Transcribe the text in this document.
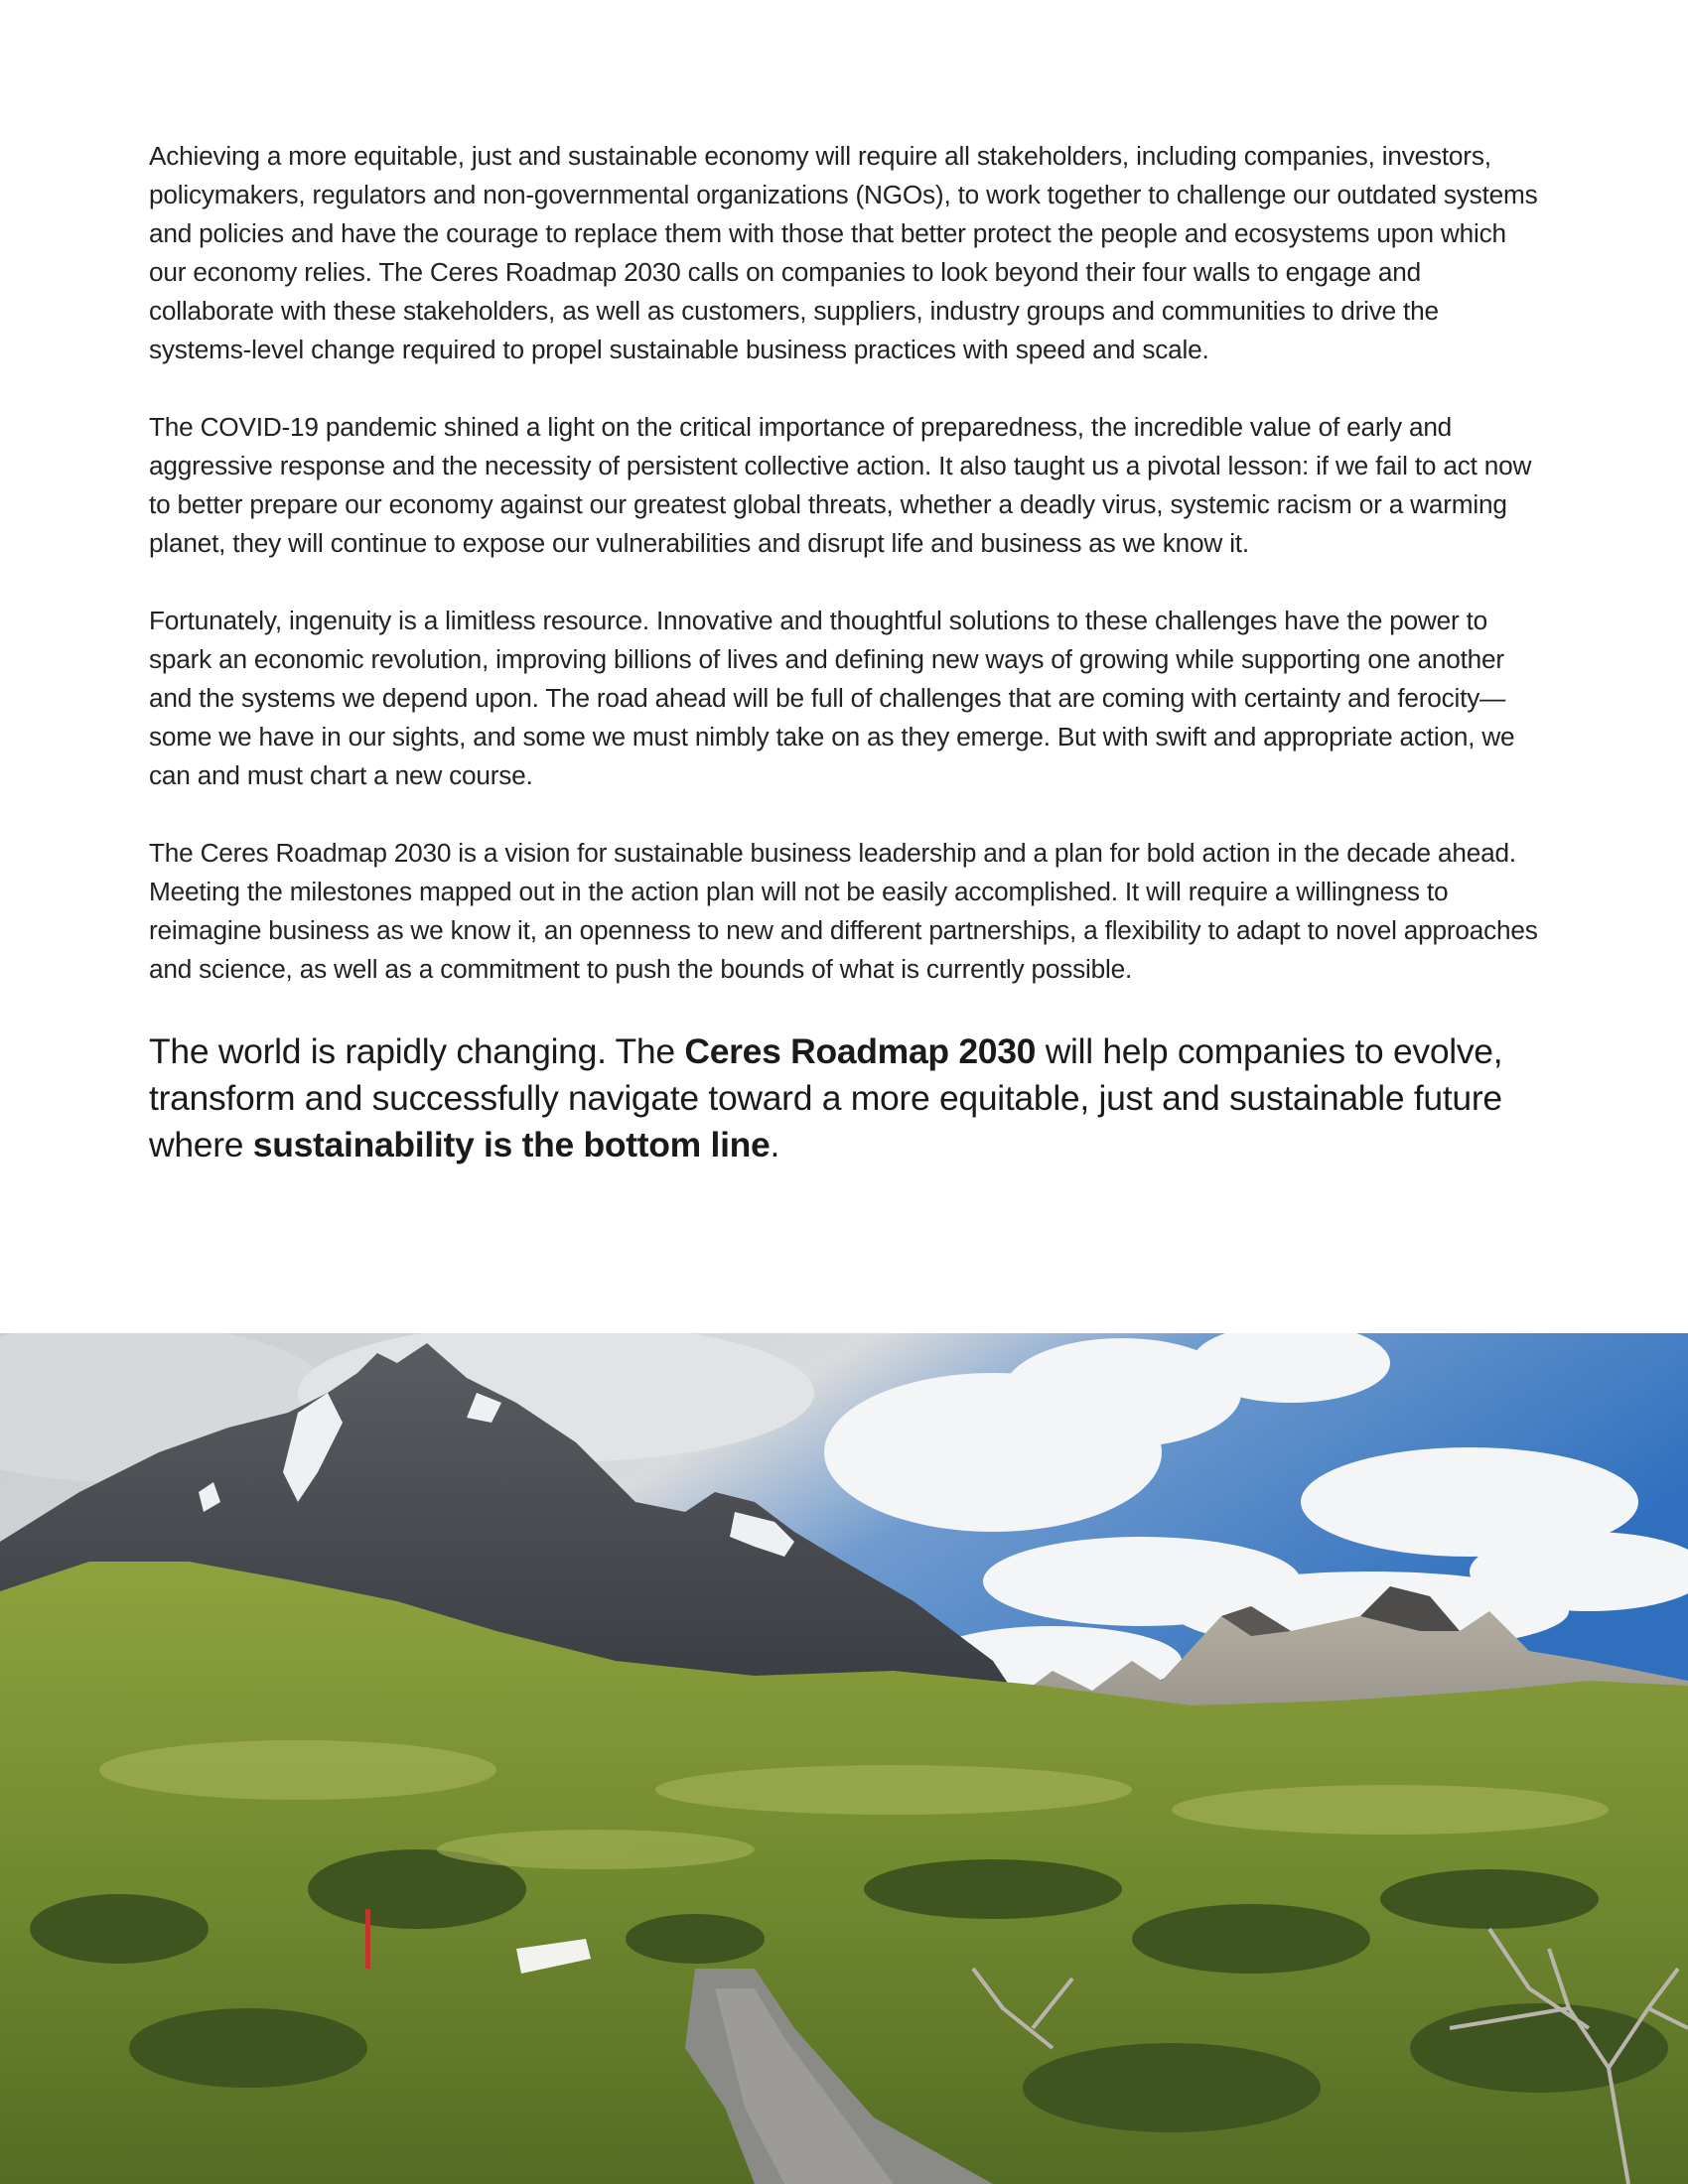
Achieving a more equitable, just and sustainable economy will require all stakeholders, including companies, investors, policymakers, regulators and non-governmental organizations (NGOs), to work together to challenge our outdated systems and policies and have the courage to replace them with those that better protect the people and ecosystems upon which our economy relies. The Ceres Roadmap 2030 calls on companies to look beyond their four walls to engage and collaborate with these stakeholders, as well as customers, suppliers, industry groups and communities to drive the systems-level change required to propel sustainable business practices with speed and scale.

The COVID-19 pandemic shined a light on the critical importance of preparedness, the incredible value of early and aggressive response and the necessity of persistent collective action. It also taught us a pivotal lesson: if we fail to act now to better prepare our economy against our greatest global threats, whether a deadly virus, systemic racism or a warming planet, they will continue to expose our vulnerabilities and disrupt life and business as we know it.

Fortunately, ingenuity is a limitless resource. Innovative and thoughtful solutions to these challenges have the power to spark an economic revolution, improving billions of lives and defining new ways of growing while supporting one another and the systems we depend upon. The road ahead will be full of challenges that are coming with certainty and ferocity—some we have in our sights, and some we must nimbly take on as they emerge. But with swift and appropriate action, we can and must chart a new course.

The Ceres Roadmap 2030 is a vision for sustainable business leadership and a plan for bold action in the decade ahead. Meeting the milestones mapped out in the action plan will not be easily accomplished. It will require a willingness to reimagine business as we know it, an openness to new and different partnerships, a flexibility to adapt to novel approaches and science, as well as a commitment to push the bounds of what is currently possible.

The world is rapidly changing. The Ceres Roadmap 2030 will help companies to evolve, transform and successfully navigate toward a more equitable, just and sustainable future where sustainability is the bottom line.
